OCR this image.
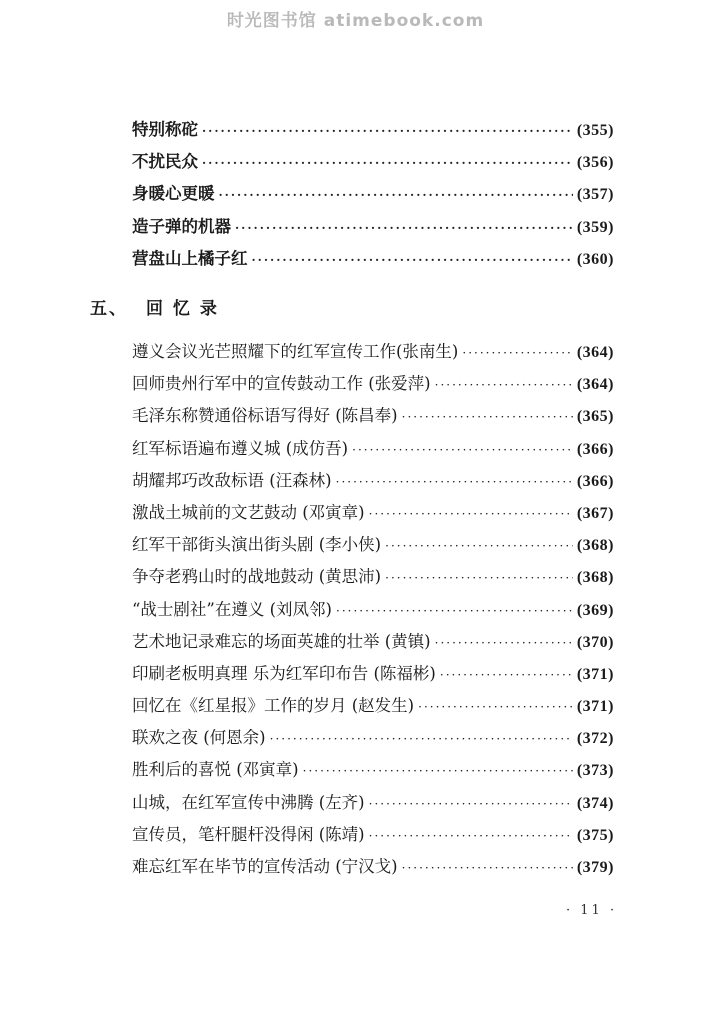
时光图书馆 atimebook.com
特别称砣 ·····	(355)
不扰民众 ·····	(356)
身暖心更暖 ·····	(357)
造子弹的机器 ·····	(359)
营盘山上橘子红 ·····	(360)
五、 回 忆 录
遵义会议光芒照耀下的红军宣传工作(张南生) ·····	(364)
回师贵州行军中的宣传鼓动工作 (张爱萍) ·····	(364)
毛泽东称赞通俗标语写得好 (陈昌奉) ·····	(365)
红军标语遍布遵义城 (成仿吾) ·····	(366)
胡耀邦巧改敌标语 (汪森林) ·····	(366)
激战土城前的文艺鼓动 (邓寅章) ·····	(367)
红军干部街头演出街头剧 (李小侠) ·····	(368)
争夺老鸦山时的战地鼓动 (黄思沛) ·····	(368)
“战士剧社”在遵义 (刘凤邻) ·····	(369)
艺术地记录难忘的场面英雄的壮举 (黄镇) ·····	(370)
印刷老板明真理 乐为红军印布告 (陈福彬) ·····	(371)
回忆在《红星报》工作的岁月 (赵发生) ·····	(371)
联欢之夜 (何恩余) ·····	(372)
胜利后的喜悦 (邓寅章) ·····	(373)
山城，在红军宣传中沸腾 (左齐) ·····	(374)
宣传员，笔杆腿杆没得闲 (陈靖) ·····	(375)
难忘红军在毕节的宣传活动 (宁汉戈) ·····	(379)
· 11 ·
